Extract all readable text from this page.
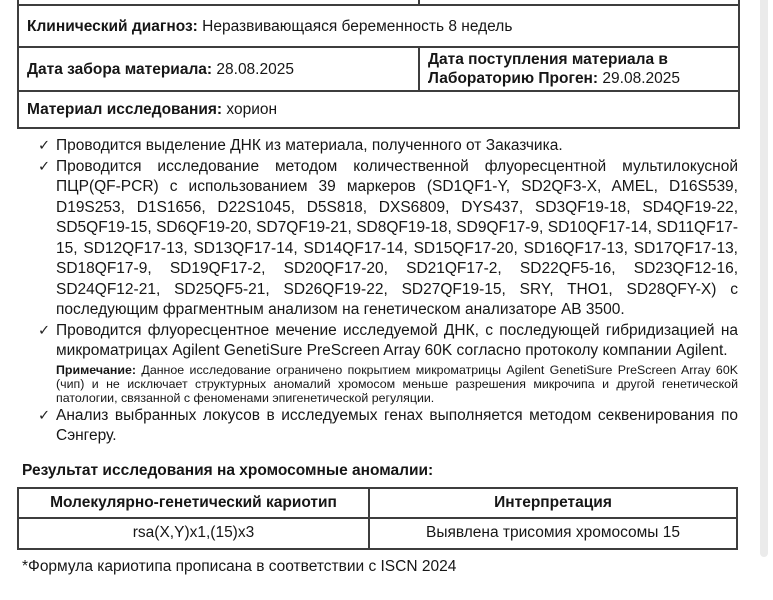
Клинический диагноз: Неразвивающаяся беременность 8 недель	
Дата забора материала: 28.08.2025	Дата поступления материала в Лабораторию Проген: 29.08.2025
Материал исследования: хорион	
✓ Проводится выделение ДНК из материала, полученного от Заказчика.
✓ Проводится исследование методом количественной флуоресцентной мультилокусной ПЦР(QF-PCR) с использованием 39 маркеров (SD1QF1-Y, SD2QF3-X, AMEL, D16S539, D19S253, D1S1656, D22S1045, D5S818, DXS6809, DYS437, SD3QF19-18, SD4QF19-22, SD5QF19-15, SD6QF19-20, SD7QF19-21, SD8QF19-18, SD9QF17-9, SD10QF17-14, SD11QF17-15, SD12QF17-13, SD13QF17-14, SD14QF17-14, SD15QF17-20, SD16QF17-13, SD17QF17-13, SD18QF17-9, SD19QF17-2, SD20QF17-20, SD21QF17-2, SD22QF5-16, SD23QF12-16, SD24QF12-21, SD25QF5-21, SD26QF19-22, SD27QF19-15, SRY, THO1, SD28QFY-X) с последующим фрагментным анализом на генетическом анализаторе AB 3500.
✓ Проводится флуоресцентное мечение исследуемой ДНК, с последующей гибридизацией на микроматрицах Agilent GenetiSure PreScreen Array 60K согласно протоколу компании Agilent.
Примечание: Данное исследование ограничено покрытием микроматрицы Agilent GenetiSure PreScreen Array 60K (чип) и не исключает структурных аномалий хромосом меньше разрешения микрочипа и другой генетической патологии, связанной с феноменами эпигенетической регуляции.
✓ Анализ выбранных локусов в исследуемых генах выполняется методом секвенирования по Сэнгеру.
Результат исследования на хромосомные аномалии:
Молекулярно-генетический кариотип	Интерпретация
rsa(X,Y)x1,(15)x3	Выявлена трисомия хромосомы 15
*Формула кариотипа прописана в соответствии с ISCN 2024
